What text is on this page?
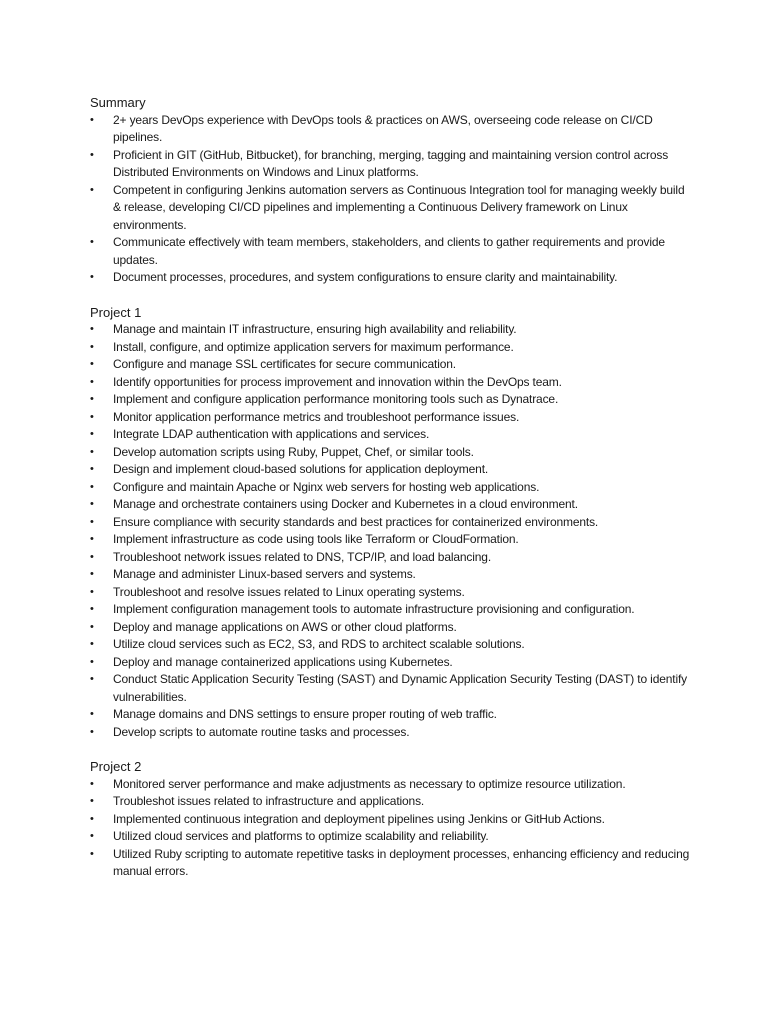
Summary
• 2+ years DevOps experience with DevOps tools & practices on AWS, overseeing code release on CI/CD pipelines.
• Proficient in GIT (GitHub, Bitbucket), for branching, merging, tagging and maintaining version control across Distributed Environments on Windows and Linux platforms.
• Competent in configuring Jenkins automation servers as Continuous Integration tool for managing weekly build & release, developing CI/CD pipelines and implementing a Continuous Delivery framework on Linux environments.
• Communicate effectively with team members, stakeholders, and clients to gather requirements and provide updates.
• Document processes, procedures, and system configurations to ensure clarity and maintainability.
Project 1
• Manage and maintain IT infrastructure, ensuring high availability and reliability.
• Install, configure, and optimize application servers for maximum performance.
• Configure and manage SSL certificates for secure communication.
• Identify opportunities for process improvement and innovation within the DevOps team.
• Implement and configure application performance monitoring tools such as Dynatrace.
• Monitor application performance metrics and troubleshoot performance issues.
• Integrate LDAP authentication with applications and services.
• Develop automation scripts using Ruby, Puppet, Chef, or similar tools.
• Design and implement cloud-based solutions for application deployment.
• Configure and maintain Apache or Nginx web servers for hosting web applications.
• Manage and orchestrate containers using Docker and Kubernetes in a cloud environment.
• Ensure compliance with security standards and best practices for containerized environments.
• Implement infrastructure as code using tools like Terraform or CloudFormation.
• Troubleshoot network issues related to DNS, TCP/IP, and load balancing.
• Manage and administer Linux-based servers and systems.
• Troubleshoot and resolve issues related to Linux operating systems.
• Implement configuration management tools to automate infrastructure provisioning and configuration.
• Deploy and manage applications on AWS or other cloud platforms.
• Utilize cloud services such as EC2, S3, and RDS to architect scalable solutions.
• Deploy and manage containerized applications using Kubernetes.
• Conduct Static Application Security Testing (SAST) and Dynamic Application Security Testing (DAST) to identify vulnerabilities.
• Manage domains and DNS settings to ensure proper routing of web traffic.
• Develop scripts to automate routine tasks and processes.
Project 2
• Monitored server performance and make adjustments as necessary to optimize resource utilization.
• Troubleshot issues related to infrastructure and applications.
• Implemented continuous integration and deployment pipelines using Jenkins or GitHub Actions.
• Utilized cloud services and platforms to optimize scalability and reliability.
• Utilized Ruby scripting to automate repetitive tasks in deployment processes, enhancing efficiency and reducing manual errors.
